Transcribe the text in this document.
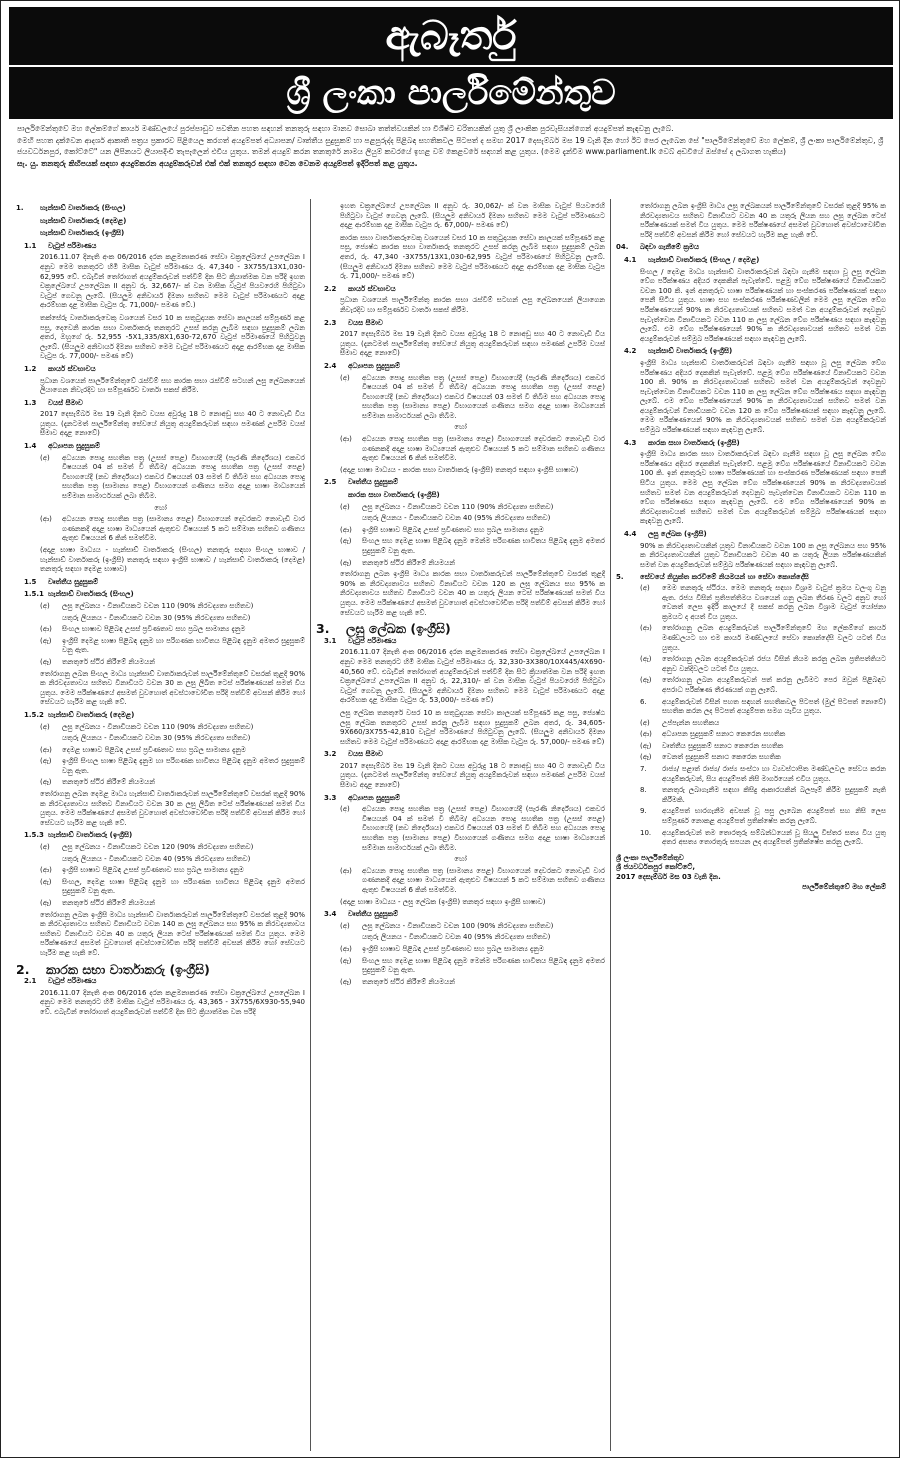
ඇබෑර්තු
ශ්‍රී ලංකා පාර්ලිමේන්තුව

පාර්ලිමේන්තුවේ මහ ලේකම්ගේ කාර්ය මණ්ඩලයේ පුරප්පාඩුව පවතින පහත සඳහන් තනතුරු සඳහා මානව සොබා තත්ත්වයකින් හා විශිෂ්ට චරිතයකින් යුතු ශ්‍රී ලාංකික පුරවැසියන්ගෙන් අයදුම්පත් කැඳවනු ලැබේ.

මෙහි පහත දක්වෙන ආදර්ශ ආකෘති පත්‍රය ප්‍රකාරව පිළියෙල කරගත් අයදුම්පත් අධ්‍යාපන/ වෘත්තීය සුදුසුකම් හා පළපුරුද්ද පිළිබඳ සහතිකවල පිටපත් ද සමඟ 2017 දෙසැම්බර් මස 19 වැනි දින හෝ ඊට පෙර ලැබෙන සේ "පාර්ලිමේන්තුවේ මහ ලේකම්, ශ්‍රී ලංකා පාර්ලිමේන්තුව, ශ්‍රී ජයවර්ධනපුර, කෝට්ටේ" යන ලිපිනයට ලියාපදිංචි තැපෑලෙන් එවිය යුතුය. තමන් අයදුම් කරන තනතුරේ නාමය ලියුම් කවරයේ ඉහළ වම් කෙළවරේ සඳහන් කළ යුතුය. (මෙම දැන්වීම www.parliament.lk වෙබ් අඩවියේ ඔස්සේ ද ලබාගත හැකිය)

සැ. යු. තනතුරු කිහිපයක් සඳහා අයදුම්කරන අයදුම්කරුවන් එක් එක් තනතුර සඳහා වෙන වෙනම අයදුම්පත් ඉදිරිපත් කළ යුතුය.

1.	හැන්සාඩ් වාර්තාකරු (සිංහල)
හැන්සාඩ් වාර්තාකරු (දෙමළ)
හැන්සාඩ් වාර්තාකරු (ඉංග්‍රීසි)
1.1	වැටුප් පරිමාණය
2016.11.07 දිනැති අංක 06/2016 දරන කළමනාකරණ සේවා චක්‍රලේඛයේ උපලේඛන I අනුව මෙම තනතුරට හිමි මාසික වැටුප් පරිමාණය රු. 47,340 - 3X755/13X1,030-62,995 වේ. එබැවින් තෝරාගත් අයදුම්කරුවන් පත්වීම් දින සිට ක්‍රියාත්මක වන පරිදි ඉහත චක්‍රලේඛයේ උපලේඛන II අනුව රු. 32,667/- ක් වන මාසික වැටුප් පියවරෙහි පිහිටුවා වැටුප් ගෙවනු ලැබේ. (සියලුම අනිවාර්ය දීමනා සහිතව මෙම වැටුප් පරිමාණයට අදාළ ආරම්භක දළ මාසික වැටුප රු. 71,000/- පමණ වේ.)
තක්සේරු වාර්තාකරුවෙකු වශයෙන් වසර 10 ක සතුටුදායක සේවා කාලයක් සම්පූර්ණ කළ පසු, දෙවෙනි කාරක සභා වාර්තාකරු තනතුරට උසස් කරනු ලැබීම සඳහා සුදුසුකම් ලබන අතර, ඔහුගේ රු. 52,955 -5X1,335/8X1,630-72,670 වැටුප් පරිමාණයේ පිහිටුවනු ලැබේ. (සියලුම අනිවාර්ය දීමනා සහිතව මෙම වැටුප් පරිමාණයට අදාළ ආරම්භක දළ මාසික වැටුප රු. 77,000/- පමණ වේ)
1.2	කාර්ය ස්වභාවය
ප්‍රධාන වශයෙන් පාර්ලිමේන්තුවේ රැස්වීම් සහ කාරක සභා රැස්වීම් සටහන් ලසු ලේඛනයෙන් ලියාගෙන නිවැරදිව හා සම්පූර්ණව වාර්තා සකස් කිරීම.
1.3	වයස් සීමාව
2017 දෙසැම්බර් මස 19 වැනි දිනට වයස අවුරුදු 18 ට නොඅඩු සහ 40 ට නොවැඩි විය යුතුය. (දැනටමත් පාර්ලිමේන්තු සේවයේ නියුතු අයදුම්කරුවන් සඳහා පමණක් උපරිම වයස් සීමාව අදාළ නොවේ)
1.4	අධ්‍යාපන සුදුසුකම්
(අ)	අධ්‍යයන පොදු සහතික පත්‍ර (උසස් පෙළ) විභාගයේදී (පැරණි නිර්දේශය) එකවර විෂයයන් 04 ක් සමත් වී තිබීම/ අධ්‍යයන පොදු සහතික පත්‍ර (උසස් පෙළ) විභාගයේදී (නව නිර්දේශය) එකවර විෂයයන් 03 සමත් වී තිබීම සහ අධ්‍යයන පොදු සහතික පත්‍ර (සාමාන්‍ය පෙළ) විභාගයෙන් ගණිතය සමග අදාළ භාෂා මාධ්‍යයෙන් සම්මාන සාමාර්ථයක් ලබා තිබීම.
හෝ
(ආ)	අධ්‍යයන පොදු සහතික පත්‍ර (සාමාන්‍ය පෙළ) විභාගයෙන් දෙවරකට නොවැඩි වාර ගණනකදී අදාළ භාෂා මාධ්‍යයෙන් ඇතුළුව විෂයයන් 5 කට සම්මාන සහිතව ගණිතය ඇතුළු විෂයයන් 6 කින් සමත්වීම.
(අදාළ භාෂා මාධ්‍යය - හැන්සාඩ් වාර්තාකරු (සිංහල) තනතුරු සඳහා සිංහල භාෂාව / හැන්සාඩ් වාර්තාකරු (ඉංග්‍රීසි) තනතුරු සඳහා ඉංග්‍රීසි භාෂාව / හැන්සාඩ් වාර්තාකරු (දෙමළ) තනතුරු සඳහා දෙමළ භාෂාව)
1.5	වෘත්තීය සුදුසුකම්
1.5.1 හැන්සාඩ් වාර්තාකරු (සිංහල)
(අ)	ලඝු ලේඛනය - විනාඩියකට වචන 110 (90% නිරවද්‍යතා සහිතව)
යතුරු ලියනය - විනාඩියකට වචන 30 (95% නිරවද්‍යතා සහිතව)
(ආ)	සිංහල භාෂාව පිළිබඳ උසස් ප්‍රවීණතාව සහ ප්‍රබල සාමාන්‍ය දැනුම
(ඇ)	ඉංග්‍රීසි දෙමළ භාෂා පිළිබඳ දැනුම හා පරිගණක භාවිතය පිළිබඳ දැනුම අමතර සුදුසුකම් වනු ඇත.
(ඈ)	තනතුරේ ස්ථිර කිරීමේ නියමයන්
තෝරාගනු ලබන සිංහල මාධ්‍ය හැන්සාඩ් වාර්තාකරුවන් පාර්ලිමේන්තුවේ වසරක් තුළදී 90% ක නිරවද්‍යතාවය සහිතව විනාඩියට වචන 30 ක ලඝු ලිඛිත ටෙස් පරීක්ෂණයක් සමත් විය යුතුය. මෙම පරීක්ෂණයේ අසමත් වුවහොත් අවස්ථාවෝචිත පරිදි පත්වීම් අවසන් කිරීම හෝ සේවයට හැරීම කළ හැකි වේ.
1.5.2 හැන්සාඩ් වාර්තාකරු (දෙමළ)
(අ)	ලඝු ලේඛනය - විනාඩියකට වචන 110 (90% නිරවද්‍යතා සහිතව)
යතුරු ලියනය - විනාඩියකට වචන 30 (95% නිරවද්‍යතා සහිතව)
(ආ)	දෙමළ භාෂාව පිළිබඳ උසස් ප්‍රවීණතාව සහ ප්‍රබල සාමාන්‍ය දැනුම
(ඇ)	ඉංග්‍රීසි සිංහල භාෂා පිළිබඳ දැනුම හා පරිගණක භාවිතය පිළිබඳ දැනුම අමතර සුදුසුකම් වනු ඇත.
(ඈ)	තනතුරේ ස්ථිර කිරීමේ නියමයන්
තෝරාගනු ලබන දෙමළ මාධ්‍ය හැන්සාඩ් වාර්තාකරුවන් පාර්ලිමේන්තුවේ වසරක් තුළදී 90% ක නිරවද්‍යතාවය සහිතව විනාඩියට වචන 30 ක ලඝු ලිඛිත ටෙස් පරීක්ෂණයක් සමත් විය යුතුය. මෙම පරීක්ෂණයේ අසමත් වුවහොත් අවස්ථාවෝචිත පරිදි පත්වීම් අවසන් කිරීම හෝ සේවයට හැරීම කළ හැකි වේ.
1.5.3 හැන්සාඩ් වාර්තාකරු (ඉංග්‍රීසි)
(අ)	ලඝු ලේඛනය - විනාඩියකට වචන 120 (90% නිරවද්‍යතා සහිතව)
යතුරු ලියනය - විනාඩියකට වචන 40 (95% නිරවද්‍යතා සහිතව)
(ආ)	ඉංග්‍රීසි භාෂාව පිළිබඳ උසස් ප්‍රවීණතාව සහ ප්‍රබල සාමාන්‍ය දැනුම
(ඇ)	සිංහල, දෙමළ භාෂා පිළිබඳ දැනුම හා පරිගණක භාවිතය පිළිබඳ දැනුම අමතර සුදුසුකම් වනු ඇත.
(ඈ)	තනතුරේ ස්ථිර කිරීමේ නියමයන්
තෝරාගනු ලබන ඉංග්‍රීසි මාධ්‍ය හැන්සාඩ් වාර්තාකරුවන් පාර්ලිමේන්තුවේ වසරක් තුළදී 90% ක නිරවද්‍යතාවය සහිතව විනාඩියට වචන 140 ක ලඝු ලේඛනය සහ 95% ක නිරවද්‍යතාවය සහිතව විනාඩියට වචන 40 ක යතුරු ලියන ටෙස් පරීක්ෂණයක් සමත් විය යුතුය. මෙම පරීක්ෂණයේ අසමත් වුවහොත් අවස්ථාවෝචිත පරිදි පත්වීම් අවසන් කිරීම හෝ සේවයට හැරීම කළ හැකි වේ.
2.	කාරක සභා වාර්තාකරු (ඉංග්‍රීසි)
2.1	වැටුප් පරිමාණය
2016.11.07 දිනැති අංක 06/2016 දරන කළමනාකරණ සේවා චක්‍රලේඛයේ උපලේඛන I අනුව මෙම තනතුරට හිමි මාසික වැටුප් පරිමාණය රු. 43,365 - 3X755/6X930-55,940 වේ. එබැවින් තෝරාගත් අයදුම්කරුවන් පත්වීම් දින සිට ක්‍රියාත්මක වන පරිදි
ඉහත චක්‍රලේඛයේ උපලේඛන II අනුව රු. 30,062/- ක් වන මාසික වැටුප් පියවරෙහි පිහිටුවා වැටුප් ගෙවනු ලැබේ. (සියලුම අනිවාර්ය දීමනා සහිතව මෙම වැටුප් පරිමාණයට අදාළ ආරම්භක දළ මාසික වැටුප රු. 67,000/- පමණ වේ)
කාරක සභා වාර්තාකරුවෙකු වශයෙන් වසර 10 ක සතුටුදායක සේවා කාලයක් සම්පූර්ණ කළ පසු, ජ්‍යෙෂ්ඨ කාරක සභා වාර්තාකරු තනතුරට උසස් කරනු ලැබීම සඳහා සුදුසුකම් ලබන අතර, රු. 47,340 -3X755/13X1,030-62,995 වැටුප් පරිමාණයේ පිහිටුවනු ලැබේ. (සියලුම අනිවාර්ය දීමනා සහිතව මෙම වැටුප් පරිමාණයට අදාළ ආරම්භක දළ මාසික වැටුප රු. 71,000/- පමණ වේ)
2.2	කාර්ය ස්වභාවය
ප්‍රධාන වශයෙන් පාර්ලිමේන්තු කාරක සභා රැස්වීම් සටහන් ලසු ලේඛනයෙන් ලියාගෙන නිවැරදිව හා සම්පූර්ණව වාර්තා සකස් කිරීම.
2.3	වයස සීමාව
2017 දෙසැම්බර් මස 19 වැනි දිනට වයස අවුරුදු 18 ට නොඅඩු සහ 40 ට නොවැඩි විය යුතුය. (දැනටමත් පාර්ලිමේන්තු සේවයේ නියුතු අයදුම්කරුවන් සඳහා පමණක් උපරිම වයස් සීමාව අදාළ නොවේ)
2.4	අධ්‍යාපන සුදුසුකම්
(අ)	අධ්‍යයන පොදු සහතික පත්‍ර (උසස් පෙළ) විභාගයේදී (පැරණි නිර්දේශය) එකවර විෂයයන් 04 ක් සමත් වී තිබීම/ අධ්‍යයන පොදු සහතික පත්‍ර (උසස් පෙළ) විභාගයේදී (නව නිර්දේශය) එකවර විෂයයන් 03 සමත් වී තිබීම සහ අධ්‍යයන පොදු සහතික පත්‍ර (සාමාන්‍ය පෙළ) විභාගයෙන් ගණිතය සමග අදාළ භාෂා මාධ්‍යයෙන් සම්මාන සාමාර්ථයක් ලබා තිබීම.
හෝ
(ආ)	අධ්‍යයන පොදු සහතික පත්‍ර (සාමාන්‍ය පෙළ) විභාගයෙන් දෙවරකට නොවැඩි වාර ගණනකදී අදාළ භාෂා මාධ්‍යයෙන් ඇතුළුව විෂයයන් 5 කට සම්මාන සහිතව ගණිතය ඇතුළු විෂයයන් 6 කින් සමත්වීම.
(අදාළ භාෂා මාධ්‍යය - කාරක සභා වාර්තාකරු (ඉංග්‍රීසි) තනතුර සඳහා ඉංග්‍රීසි භාෂාව)
2.5	වෘත්තීය සුදුසුකම්
කාරක සභා වාර්තාකරු (ඉංග්‍රීසි)
(අ)	ලඝු ලේඛනය - විනාඩියකට වචන 110 (90% නිරවද්‍යතා සහිතව)
යතුරු ලියනය - විනාඩියකට වචන 40 (95% නිරවද්‍යතා සහිතව)
(ආ)	ඉංග්‍රීසි භාෂාව පිළිබඳ උසස් ප්‍රවීණතාව සහ ප්‍රබල සාමාන්‍ය දැනුම
(ඇ)	සිංහල සහ දෙමළ භාෂා පිළිබඳ දැනුම මෙන්ම පරිගණක භාවිතය පිළිබඳ දැනුම අමතර සුදුසුකම් වනු ඇත.
(ඈ)	තනතුරේ ස්ථිර කිරීමේ නියමයන්
තෝරාගනු ලබන ඉංග්‍රීසි මාධ්‍ය කාරක සභා වාර්තාකරුවන් පාර්ලිමේන්තුවේ වසරක් තුළදී 90% ක නිරවද්‍යතාවය සහිතව විනාඩියට වචන 120 ක ලඝු ලේඛනය සහ 95% ක නිරවද්‍යතාවය සහිතව විනාඩියට වචන 40 ක යතුරු ලියන ටෙස් පරීක්ෂණයක් සමත් විය යුතුය. මෙම පරීක්ෂණයේ අසමත් වුවහොත් අවස්ථාවෝචිත පරිදි පත්වීම් අවසන් කිරීම හෝ සේවයට හැරීම කළ හැකි වේ.
3.	ලඝු ලේඛක (ඉංග්‍රීසි)
3.1	වැටුප් පරිමාණය
2016.11.07 දිනැති අංක 06/2016 දරන කළමනාකරණ සේවා චක්‍රලේඛයේ උපලේඛන I අනුව මෙම තනතුරට හිමි මාසික වැටුප් පරිමාණය රු. 32,330-3X380/10X445/4X690-40,560 වේ. එබැවින් තෝරාගත් අයදුම්කරුවන් පත්වීම් දින සිට ක්‍රියාත්මක වන පරිදි ඉහත චක්‍රලේඛයේ උපලේඛන II අනුව රු. 22,310/- ක් වන මාසික වැටුප් පියවරෙහි පිහිටුවා වැටුප් ගෙවනු ලැබේ. (සියලුම අනිවාර්ය දීමනා සහිතව මෙම වැටුප් පරිමාණයට අදාළ ආරම්භක දළ මාසික වැටුප රු. 53,000/- පමණ වේ)
ලඝු ලේඛක තනතුරේ වසර 10 ක සතුටුදායක සේවා කාලයක් සම්පූර්ණ කළ පසු, ජ්‍යෙෂ්ඨ ලඝු ලේඛක තනතුරට උසස් කරනු ලැබීම සඳහා සුදුසුකම් ලබන අතර, රු. 34,605-9X660/3X755-42,810 වැටුප් පරිමාණයේ පිහිටුවනු ලැබේ. (සියලුම අනිවාර්ය දීමනා සහිතව මෙම වැටුප් පරිමාණයට අදාළ ආරම්භක දළ මාසික වැටුප රු. 57,000/- පමණ වේ)
3.2	වයස සීමාව
2017 දෙසැම්බර් මස 19 වැනි දිනට වයස අවුරුදු 18 ට නොඅඩු සහ 40 ට නොවැඩි විය යුතුය. (දැනටමත් පාර්ලිමේන්තු සේවයේ නියුතු අයදුම්කරුවන් සඳහා පමණක් උපරිම වයස් සීමාව අදාළ නොවේ)
3.3	අධ්‍යාපන සුදුසුකම්
(අ)	අධ්‍යයන පොදු සහතික පත්‍ර (උසස් පෙළ) විභාගයේදී (පැරණි නිර්දේශය) එකවර විෂයයන් 04 ක් සමත් වී තිබීම/ අධ්‍යයන පොදු සහතික පත්‍ර (උසස් පෙළ) විභාගයේදී (නව නිර්දේශය) එකවර විෂයයන් 03 සමත් වී තිබීම සහ අධ්‍යයන පොදු සහතික පත්‍ර (සාමාන්‍ය පෙළ) විභාගයෙන් ගණිතය සමග අදාළ භාෂා මාධ්‍යයෙන් සම්මාන සාමාර්ථයක් ලබා තිබීම.
හෝ
(ආ)	අධ්‍යයන පොදු සහතික පත්‍ර (සාමාන්‍ය පෙළ) විභාගයෙන් දෙවරකට නොවැඩි වාර ගණනකදී අදාළ භාෂා මාධ්‍යයෙන් ඇතුළුව විෂයයන් 5 කට සම්මාන සහිතව ගණිතය ඇතුළු විෂයයන් 6 කින් සමත්වීම.
(අදාළ භාෂා මාධ්‍යය - ලඝු ලේඛක (ඉංග්‍රීසි) තනතුර සඳහා ඉංග්‍රීසි භාෂාව)
3.4	වෘත්තීය සුදුසුකම්
(අ)	ලඝු ලේඛනය - විනාඩියකට වචන 100 (90% නිරවද්‍යතා සහිතව)
යතුරු ලියනය - විනාඩියකට වචන 40 (95% නිරවද්‍යතා සහිතව)
(ආ)	ඉංග්‍රීසි භාෂාව පිළිබඳ උසස් ප්‍රවීණතාව සහ ප්‍රබල සාමාන්‍ය දැනුම
(ඇ)	සිංහල සහ දෙමළ භාෂා පිළිබඳ දැනුම මෙන්ම පරිගණක භාවිතය පිළිබඳ දැනුම අමතර සුදුසුකම් වනු ඇත.
(ඈ)	තනතුරේ ස්ථිර කිරීමේ නියමයන්
තෝරාගනු ලබන ඉංග්‍රීසි මාධ්‍ය ලඝු ලේඛකයන් පාර්ලිමේන්තුවේ වසරක් තුළදී 95% ක නිරවද්‍යතාවය සහිතව විනාඩියට වචන 40 ක යතුරු ලියන සහ ලඝු ලේඛන ටෙස් පරීක්ෂණයක් සමත් විය යුතුය. මෙම පරීක්ෂණයේ අසමත් වුවහොත් අවස්ථාවෝචිත පරිදි පත්වීම් අවසන් කිරීම හෝ සේවයට හැරීම කළ හැකි වේ.
04.	බඳවා ගැනීමේ ක්‍රමය
4.1	හැන්සාඩ් වාර්තාකරු (සිංහල / දෙමළ)
සිංහල / දෙමළ මාධ්‍ය හැන්සාඩ් වාර්තාකරුවන් බඳවා ගැනීම සඳහා වූ ලසු ලේඛන වේග පරීක්ෂණය අදියර දෙකකින් පැවැත්වේ. පළමු වේග පරීක්ෂණයේ විනාඩියකට වචන 100 කි. ඉන් අනතුරුව භාෂා පරීක්ෂණයක් හා සංස්කරණ පරීක්ෂණයක් සඳහා පෙනී සිටිය යුතුය. භාෂා සහ සංස්කරණ පරීක්ෂණවලින් මෙම ලසු ලේඛන වේග පරීක්ෂණයෙන් 90% ක නිරවද්‍යතාවයක් සහිතව සමත් වන අයදුම්කරුවන් දෙවනුව පැවැත්වෙන විනාඩියකට වචන 110 ක ලසු ලේඛන වේග පරීක්ෂණය සඳහා කැඳවනු ලැබේ. එම වේග පරීක්ෂණයෙන් 90% ක නිරවද්‍යතාවයක් සහිතව සමත් වන අයදුම්කරුවන් සම්මුඛ පරීක්ෂණයක් සඳහා කැඳවනු ලැබේ.
4.2	හැන්සාඩ් වාර්තාකරු (ඉංග්‍රීසි)
ඉංග්‍රීසි මාධ්‍ය හැන්සාඩ් වාර්තාකරුවන් බඳවා ගැනීම සඳහා වූ ලසු ලේඛන වේග පරීක්ෂණය අදියර දෙකකින් පැවැත්වේ. පළමු වේග පරීක්ෂණයේ විනාඩියකට වචන 100 කි. 90% ක නිරවද්‍යතාවයක් සහිතව සමත් වන අයදුම්කරුවන් දෙවනුව පැවැත්වෙන විනාඩියකට වචන 110 ක ලසු ලේඛන වේග පරීක්ෂණය සඳහා කැඳවනු ලැබේ. එම වේග පරීක්ෂණයෙන් 90% ක නිරවද්‍යතාවයක් සහිතව සමත් වන අයදුම්කරුවන් විනාඩියකට වචන 120 ක වේග පරීක්ෂණයක් සඳහා කැඳවනු ලැබේ. මෙම පරීක්ෂණයෙන් 90% ක නිරවද්‍යතාවයක් සහිතව සමත් වන අයදුම්කරුවන් සම්මුඛ පරීක්ෂණයක් සඳහා කැඳවනු ලැබේ.
4.3	කාරක සභා වාර්තාකරු (ඉංග්‍රීසි)
ඉංග්‍රීසි මාධ්‍ය කාරක සභා වාර්තාකරුවන් බඳවා ගැනීම සඳහා වූ ලසු ලේඛන වේග පරීක්ෂණය අදියර දෙකකින් පැවැත්වේ. පළමු වේග පරීක්ෂණයේ විනාඩියකට වචන 100 කි. ඉන් අනතුරුව භාෂා පරීක්ෂණයක් හා සංස්කරණ පරීක්ෂණයක් සඳහා පෙනී සිටිය යුතුය. මෙම ලසු ලේඛන වේග පරීක්ෂණයෙන් 90% ක නිරවද්‍යතාවයක් සහිතව සමත් වන අයදුම්කරුවන් දෙවනුව පැවැත්වෙන විනාඩියකට වචන 110 ක වේග පරීක්ෂණය සඳහා කැඳවනු ලැබේ. එම වේග පරීක්ෂණයෙන් 90% ක නිරවද්‍යතාවයක් සහිතව සමත් වන අයදුම්කරුවන් සම්මුඛ පරීක්ෂණයක් සඳහා කැඳවනු ලැබේ.
4.4	ලසු ලේඛක (ඉංග්‍රීසි)
90% ක නිරවද්‍යතාවයකින් යුතුව විනාඩියකට වචන 100 ක ලසු ලේඛනය සහ 95% ක නිරවද්‍යතාවයකින් යුතුව විනාඩියකට වචන 40 ක යතුරු ලියන පරීක්ෂණයකින් සමත් වන අයදුම්කරුවන් සම්මුඛ පරීක්ෂණයක් සඳහා කැඳවනු ලැබේ.
5.	සේවයේ නියුක්ත කරවීමේ නියමයන් හා සේවා කොන්දේසි
(අ)	මෙම තනතුරු ස්ථිරය. මෙම තනතුරු සඳහා විශ්‍රාම වැටුප් ක්‍රමය වලංගු වනු ඇත. රජය විසින් ප්‍රතිපත්තිමය වශයෙන් ගනු ලබන තීරණ වලට අනුව හෝ වෙනත් ලෙස ඉදිරි කාලයේ දී සකස් කරනු ලබන විශ්‍රාම වැටුප් යෝජනා ක්‍රමයට ද අයත් විය යුතුය.
(ආ)	තෝරාගනු ලබන අයදුම්කරුවන් පාර්ලිමේන්තුවේ මහ ලේකම්ගේ කාර්ය මණ්ඩලයට හා එම කාර්ය මණ්ඩලයේ සේවා කොන්දේසි වලට යටත් විය යුතුය.
(ඇ)	තෝරාගනු ලබන අයදුම්කරුවන් රජය විසින් නියම කරනු ලබන ප්‍රතිපත්තියට අනුව වන්දිවලට යටත් විය යුතුය.
(ඈ)	තෝරාගනු ලබන අයදුම්කරුවන් පත් කරනු ලැබීමට පෙර ඔවුන් පිළිබඳව අපරාධ පරීක්ෂණ තීරණයක් ගනු ලැබේ.
6.	අයදුම්කරුවන් විසින් පහත සඳහන් සහතිකවල පිටපත් (මුල් පිටපත් නොවේ) සහතික කරන ලද පිටපත් අයදුම්පත සමග යැවිය යුතුය.
(අ)	උප්පැන්න සහතිකය
(ආ)	අධ්‍යාපන සුදුසුකම් සනාථ කෙරෙන සහතික
(ඇ)	වෘත්තීය සුදුසුකම් සනාථ කෙරෙන සහතික
(ඈ)	වෙනත් සුදුසුකම් සනාථ කෙරෙන සහතික
7.	රාජ්‍ය/ පළාත් රාජ්‍ය/ රාජ්‍ය සංස්ථා හා ව්‍යවස්ථාපිත මණ්ඩලවල සේවය කරන අයදුම්කරුවන්, සිය අයදුම්පත් නිසි මාර්ගයෙන් එවිය යුතුය.
8.	තනතුරු ලබාගැනීම සඳහා කිසිදු ආකාරයකින් බලපෑම් කිරීම සුදුසුකම් නැති කිරීමකි.
9.	අයදුම්පත් භාරගැනීම අවසන් වූ පසු ලැබෙන අයදුම්පත් සහ නිසි ලෙස සම්පූර්ණ නොකළ අයදුම්පත් ප්‍රතික්ෂේප කරනු ලැබේ.
10.	අයදුම්කරුවන් තම තොරතුරු සම්බන්ධයෙන් වූ සියලු විස්තර සත්‍ය විය යුතු අතර අසත්‍ය තොරතුරු සපයන ලද අයදුම්පත් ප්‍රතික්ෂේප කරනු ලැබේ.
ශ්‍රී ලංකා පාර්ලිමේන්තුව
ශ්‍රී ජයවර්ධනපුර කෝට්ටේ,
2017 දෙසැම්බර් මස 03 වැනි දින.
පාර්ලිමේන්තුවේ මහ ලේකම්
